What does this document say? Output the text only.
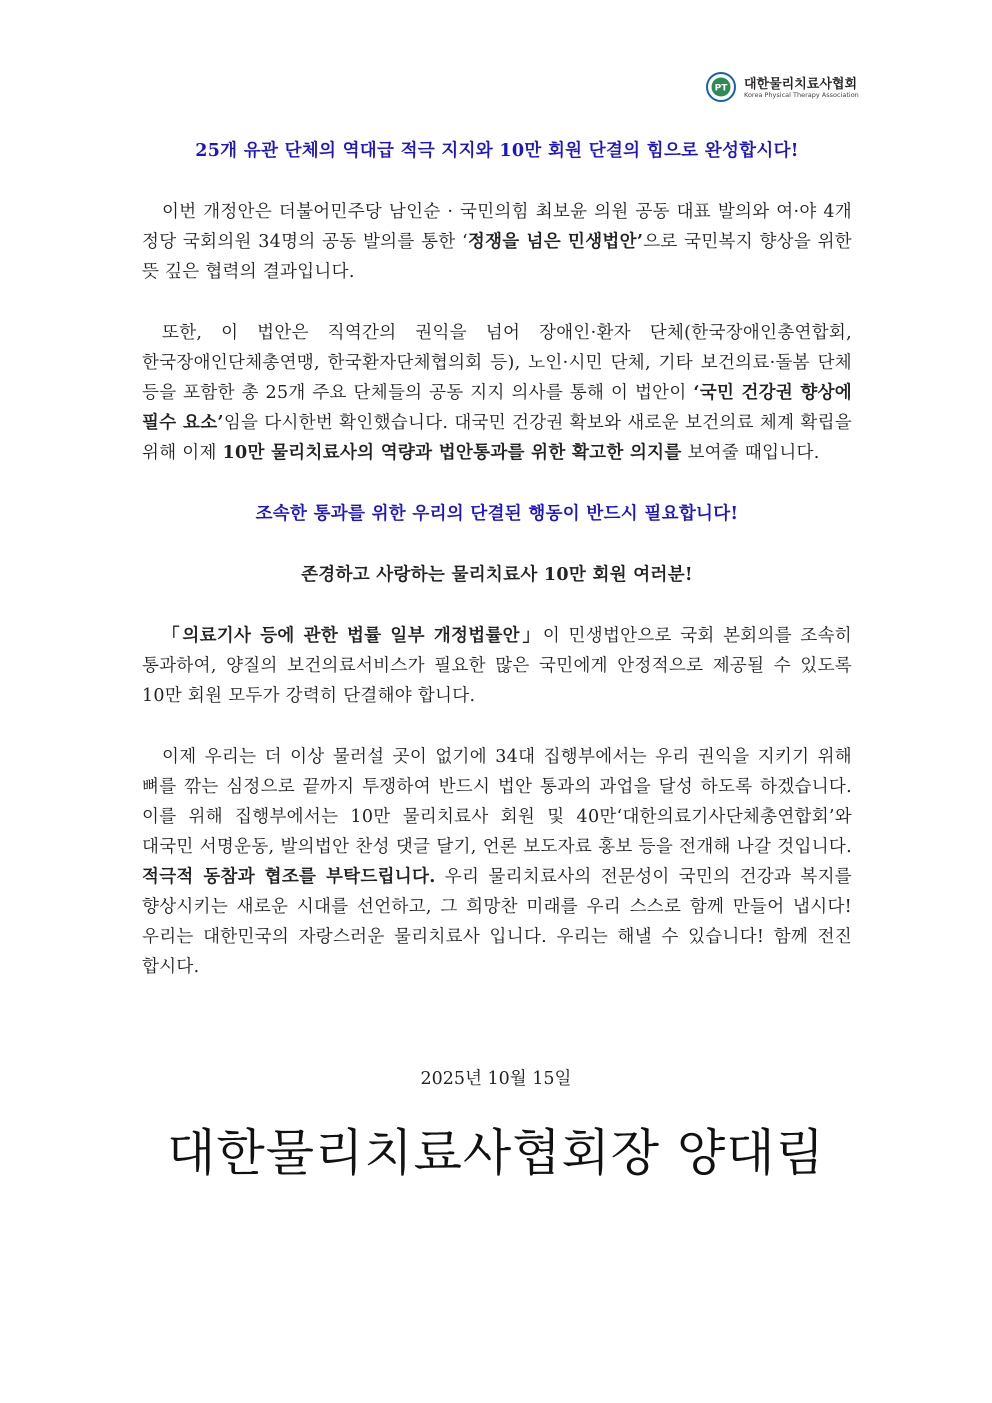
PT 대한물리치료사협회
Korea Physical Therapy Association

25개 유관 단체의 역대급 적극 지지와 10만 회원 단결의 힘으로 완성합시다!

이번 개정안은 더불어민주당 남인순 · 국민의힘 최보윤 의원 공동 대표 발의와 여·야 4개 정당 국회의원 34명의 공동 발의를 통한 ‘정쟁을 넘은 민생법안’으로 국민복지 향상을 위한 뜻 깊은 협력의 결과입니다.

또한, 이 법안은 직역간의 권익을 넘어 장애인·환자 단체(한국장애인총연합회, 한국장애인단체총연맹, 한국환자단체협의회 등), 노인·시민 단체, 기타 보건의료·돌봄 단체 등을 포함한 총 25개 주요 단체들의 공동 지지 의사를 통해 이 법안이 ‘국민 건강권 향상에 필수 요소’임을 다시한번 확인했습니다. 대국민 건강권 확보와 새로운 보건의료 체계 확립을 위해 이제 10만 물리치료사의 역량과 법안통과를 위한 확고한 의지를 보여줄 때입니다.

조속한 통과를 위한 우리의 단결된 행동이 반드시 필요합니다!

존경하고 사랑하는 물리치료사 10만 회원 여러분!

「의료기사 등에 관한 법률 일부 개정법률안」이 민생법안으로 국회 본회의를 조속히 통과하여, 양질의 보건의료서비스가 필요한 많은 국민에게 안정적으로 제공될 수 있도록 10만 회원 모두가 강력히 단결해야 합니다.

이제 우리는 더 이상 물러설 곳이 없기에 34대 집행부에서는 우리 권익을 지키기 위해 뼈를 깎는 심정으로 끝까지 투쟁하여 반드시 법안 통과의 과업을 달성 하도록 하겠습니다. 이를 위해 집행부에서는 10만 물리치료사 회원 및 40만‘대한의료기사단체총연합회’와 대국민 서명운동, 발의법안 찬성 댓글 달기, 언론 보도자료 홍보 등을 전개해 나갈 것입니다. 적극적 동참과 협조를 부탁드립니다. 우리 물리치료사의 전문성이 국민의 건강과 복지를 향상시키는 새로운 시대를 선언하고, 그 희망찬 미래를 우리 스스로 함께 만들어 냅시다! 우리는 대한민국의 자랑스러운 물리치료사 입니다. 우리는 해낼 수 있습니다! 함께 전진 합시다.

2025년 10월 15일
대한물리치료사협회장 양대림
